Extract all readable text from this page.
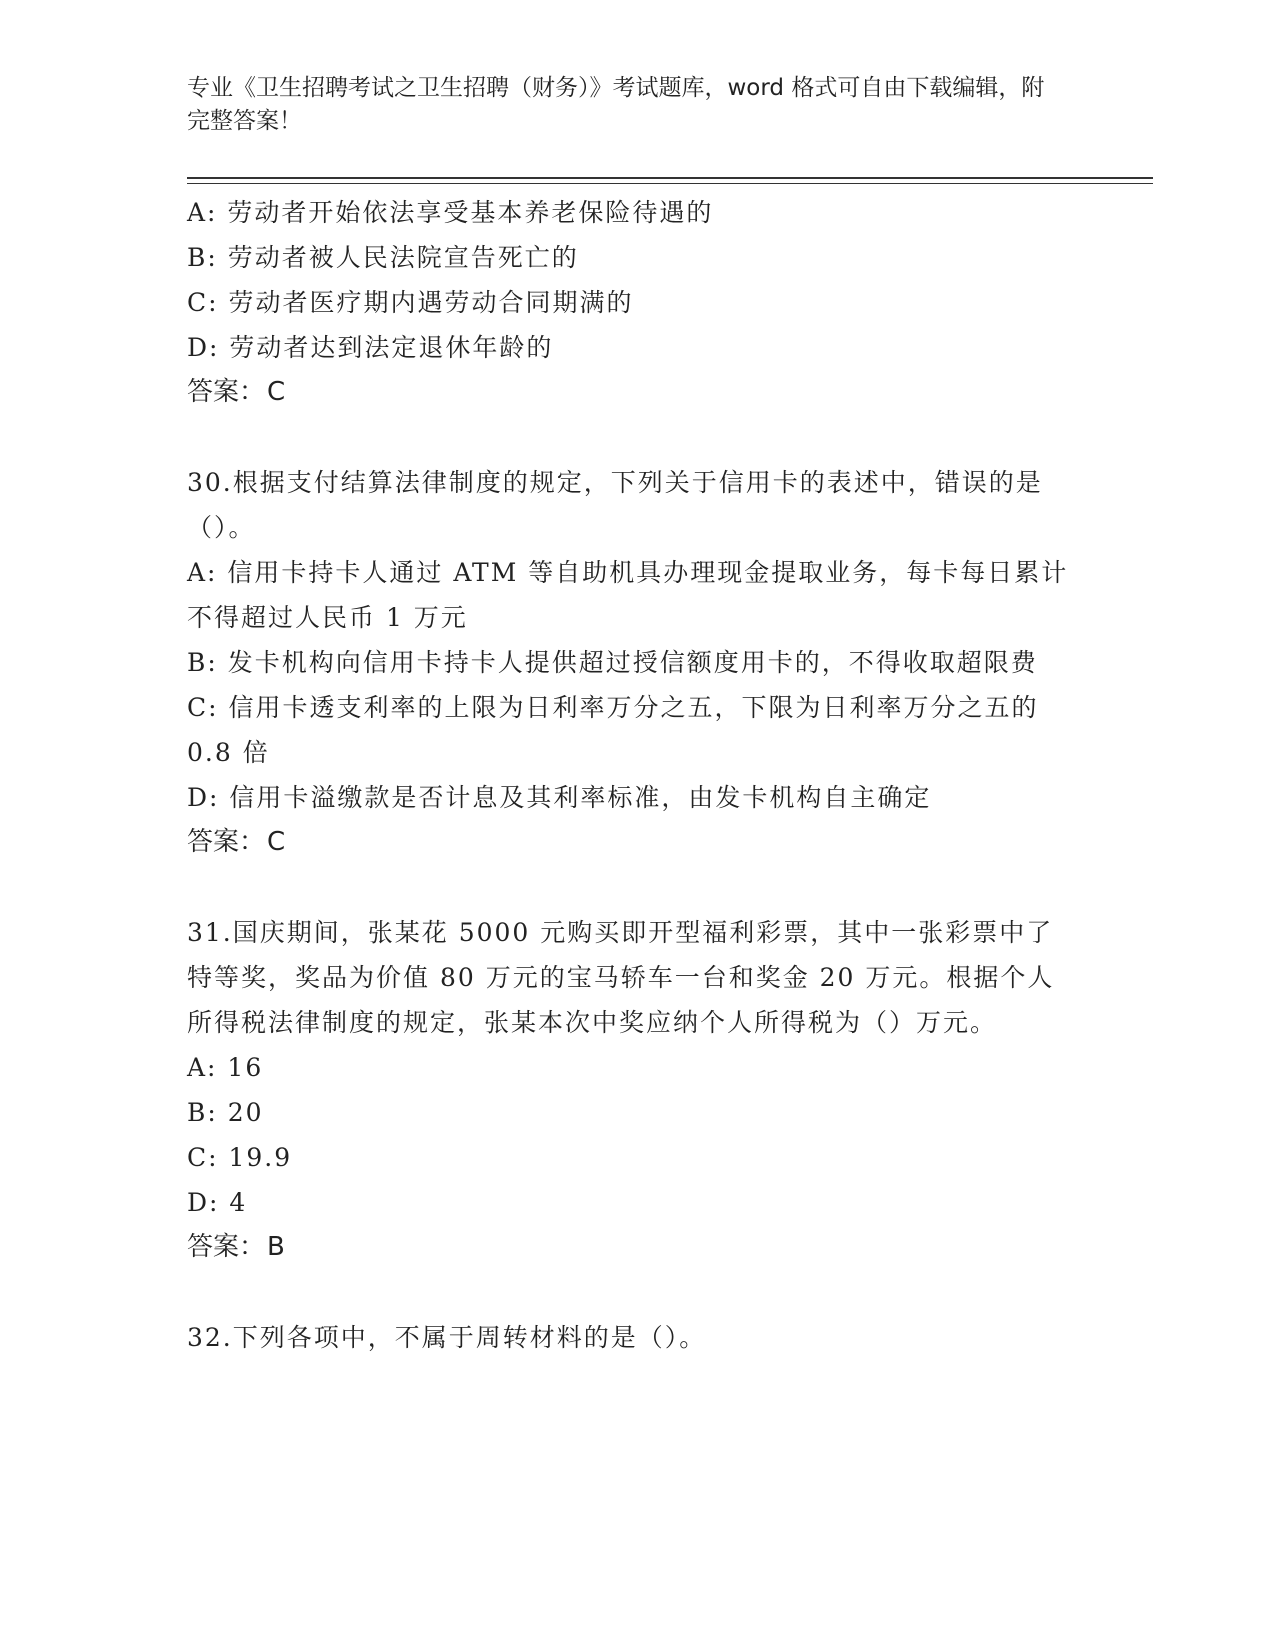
专业《卫生招聘考试之卫生招聘（财务）》考试题库，word 格式可自由下载编辑，附完整答案！
A: 劳动者开始依法享受基本养老保险待遇的
B: 劳动者被人民法院宣告死亡的
C: 劳动者医疗期内遇劳动合同期满的
D: 劳动者达到法定退休年龄的
答案：C
30.根据支付结算法律制度的规定，下列关于信用卡的表述中，错误的是（）。
A: 信用卡持卡人通过 ATM 等自助机具办理现金提取业务，每卡每日累计不得超过人民币 1 万元
B: 发卡机构向信用卡持卡人提供超过授信额度用卡的，不得收取超限费
C: 信用卡透支利率的上限为日利率万分之五，下限为日利率万分之五的 0.8 倍
D: 信用卡溢缴款是否计息及其利率标准，由发卡机构自主确定
答案：C
31.国庆期间，张某花 5000 元购买即开型福利彩票，其中一张彩票中了特等奖，奖品为价值 80 万元的宝马轿车一台和奖金 20 万元。根据个人所得税法律制度的规定，张某本次中奖应纳个人所得税为（）万元。
A: 16
B: 20
C: 19.9
D: 4
答案：B
32.下列各项中，不属于周转材料的是（）。
